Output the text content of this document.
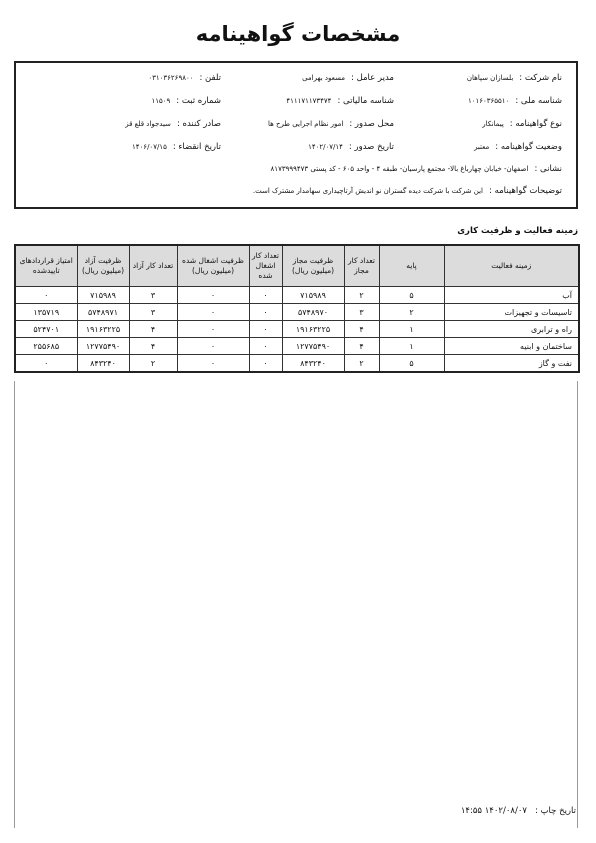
مشخصات گواهینامه
نام شرکت :بلسازان سپاهان
مدیر عامل :مسعود بهرامی
تلفن :۰۳۱۰۳۶۲۶۹۸۰۰
شناسه ملی :۱۰۱۶۰۳۶۵۵۱۰
شناسه مالیاتی :۴۱۱۱۷۱۱۷۳۴۷۴
شماره ثبت :۱۱۵۰۹
نوع گواهینامه :پیمانکار
محل صدور :امور نظام اجرایی طرح ها
صادر کننده :سیدجواد قلع قز
وضعیت گواهینامه :معتبر
تاریخ صدور :۱۴۰۲/۰۷/۱۴
تاریخ انقضاء :۱۴۰۶/۰۷/۱۵
نشانی :اصفهان- خیابان چهارباغ بالا- مجتمع پارسیان- طبقه ۴ - واحد ۶۰۵ - کد پستی ۸۱۷۳۹۹۹۴۷۳
توضیحات گواهینامه :این شرکت با شرکت دیده گستران نو اندیش آرتاچیداری سهامدار مشترک است.
زمینه فعالیت و ظرفیت کاری
زمینه فعالیت	پایه	تعداد کار مجاز	ظرفیت مجاز (میلیون ریال)	تعداد کار اشغال شده	ظرفیت اشغال شده (میلیون ریال)	تعداد کار آزاد	ظرفیت آزاد (میلیون ریال)	امتیاز قراردادهای تاییدشده
آب	۵	۲	۷۱۵۹۸۹	۰	۰	۳	۷۱۵۹۸۹	۰
تاسیسات و تجهیزات	۲	۳	۵۷۴۸۹۷۰	۰	۰	۳	۵۷۴۸۹۷۱	۱۳۵۷۱۹
راه و ترابری	۱	۴	۱۹۱۶۳۲۲۵	۰	۰	۴	۱۹۱۶۳۲۲۵	۵۲۴۷۰۱
ساختمان و ابنیه	۱	۴	۱۲۷۷۵۴۹۰	۰	۰	۴	۱۲۷۷۵۴۹۰	۲۵۵۶۸۵
نفت و گاز	۵	۲	۸۴۳۲۴۰	۰	۰	۲	۸۴۳۲۴۰	۰
تاریخ چاپ :۱۴۰۲/۰۸/۰۷ ۱۴:۵۵
